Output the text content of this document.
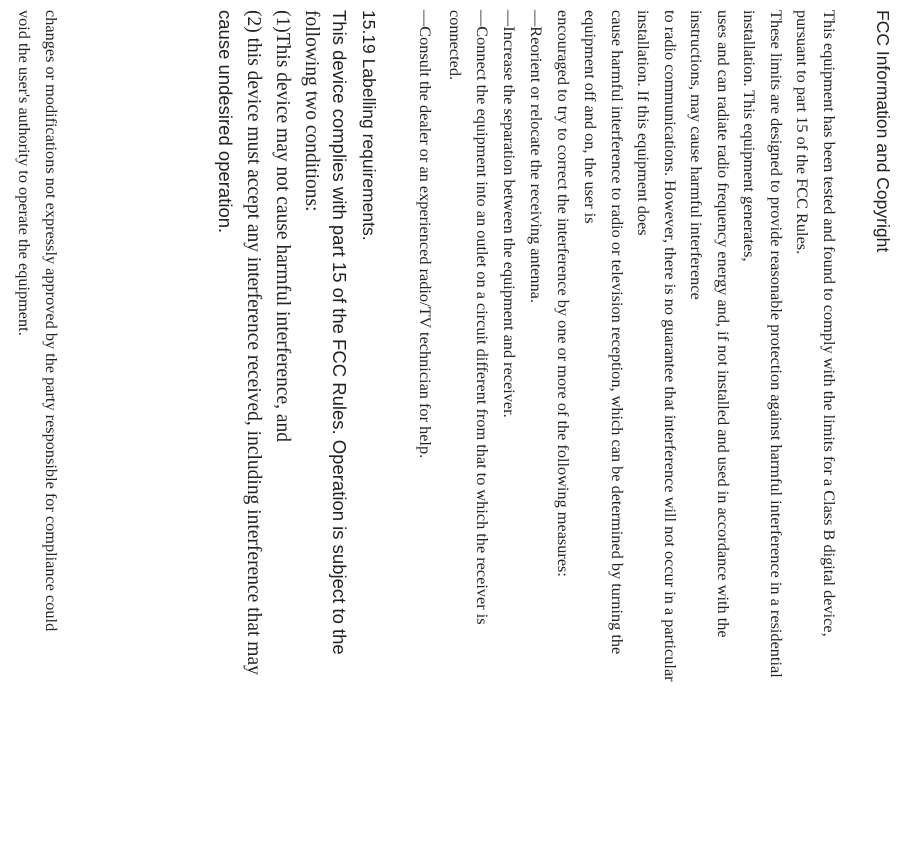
FCC Information and Copyright

This equipment has been tested and found to comply with the limits for a Class B digital device,

pursuant to part 15 of the FCC Rules.

These limits are designed to provide reasonable protection against harmful interference in a residential

installation. This equipment generates,

uses and can radiate radio frequency energy and, if not installed and used in accordance with the

instructions, may cause harmful interference

to radio communications. However, there is no guarantee that interference will not occur in a particular

installation. If this equipment does

cause harmful interference to radio or television reception, which can be determined by turning the

equipment off and on, the user is

encouraged to try to correct the interference by one or more of the following measures:

—Reorient or relocate the receiving antenna.

—Increase the separation between the equipment and receiver.

—Connect the equipment into an outlet on a circuit different from that to which the receiver is

connected.

—Consult the dealer or an experienced radio/TV technician for help.

15.19 Labelling requirements.

This device complies with part 15 of the FCC Rules. Operation is subject to the

following two conditions:

(1)This device may not cause harmful interference, and

(2) this device must accept any interference received, including interference that may

cause undesired operation.

changes or modifications not expressly approved by the party responsible for compliance could

void the user's authority to operate the equipment.
